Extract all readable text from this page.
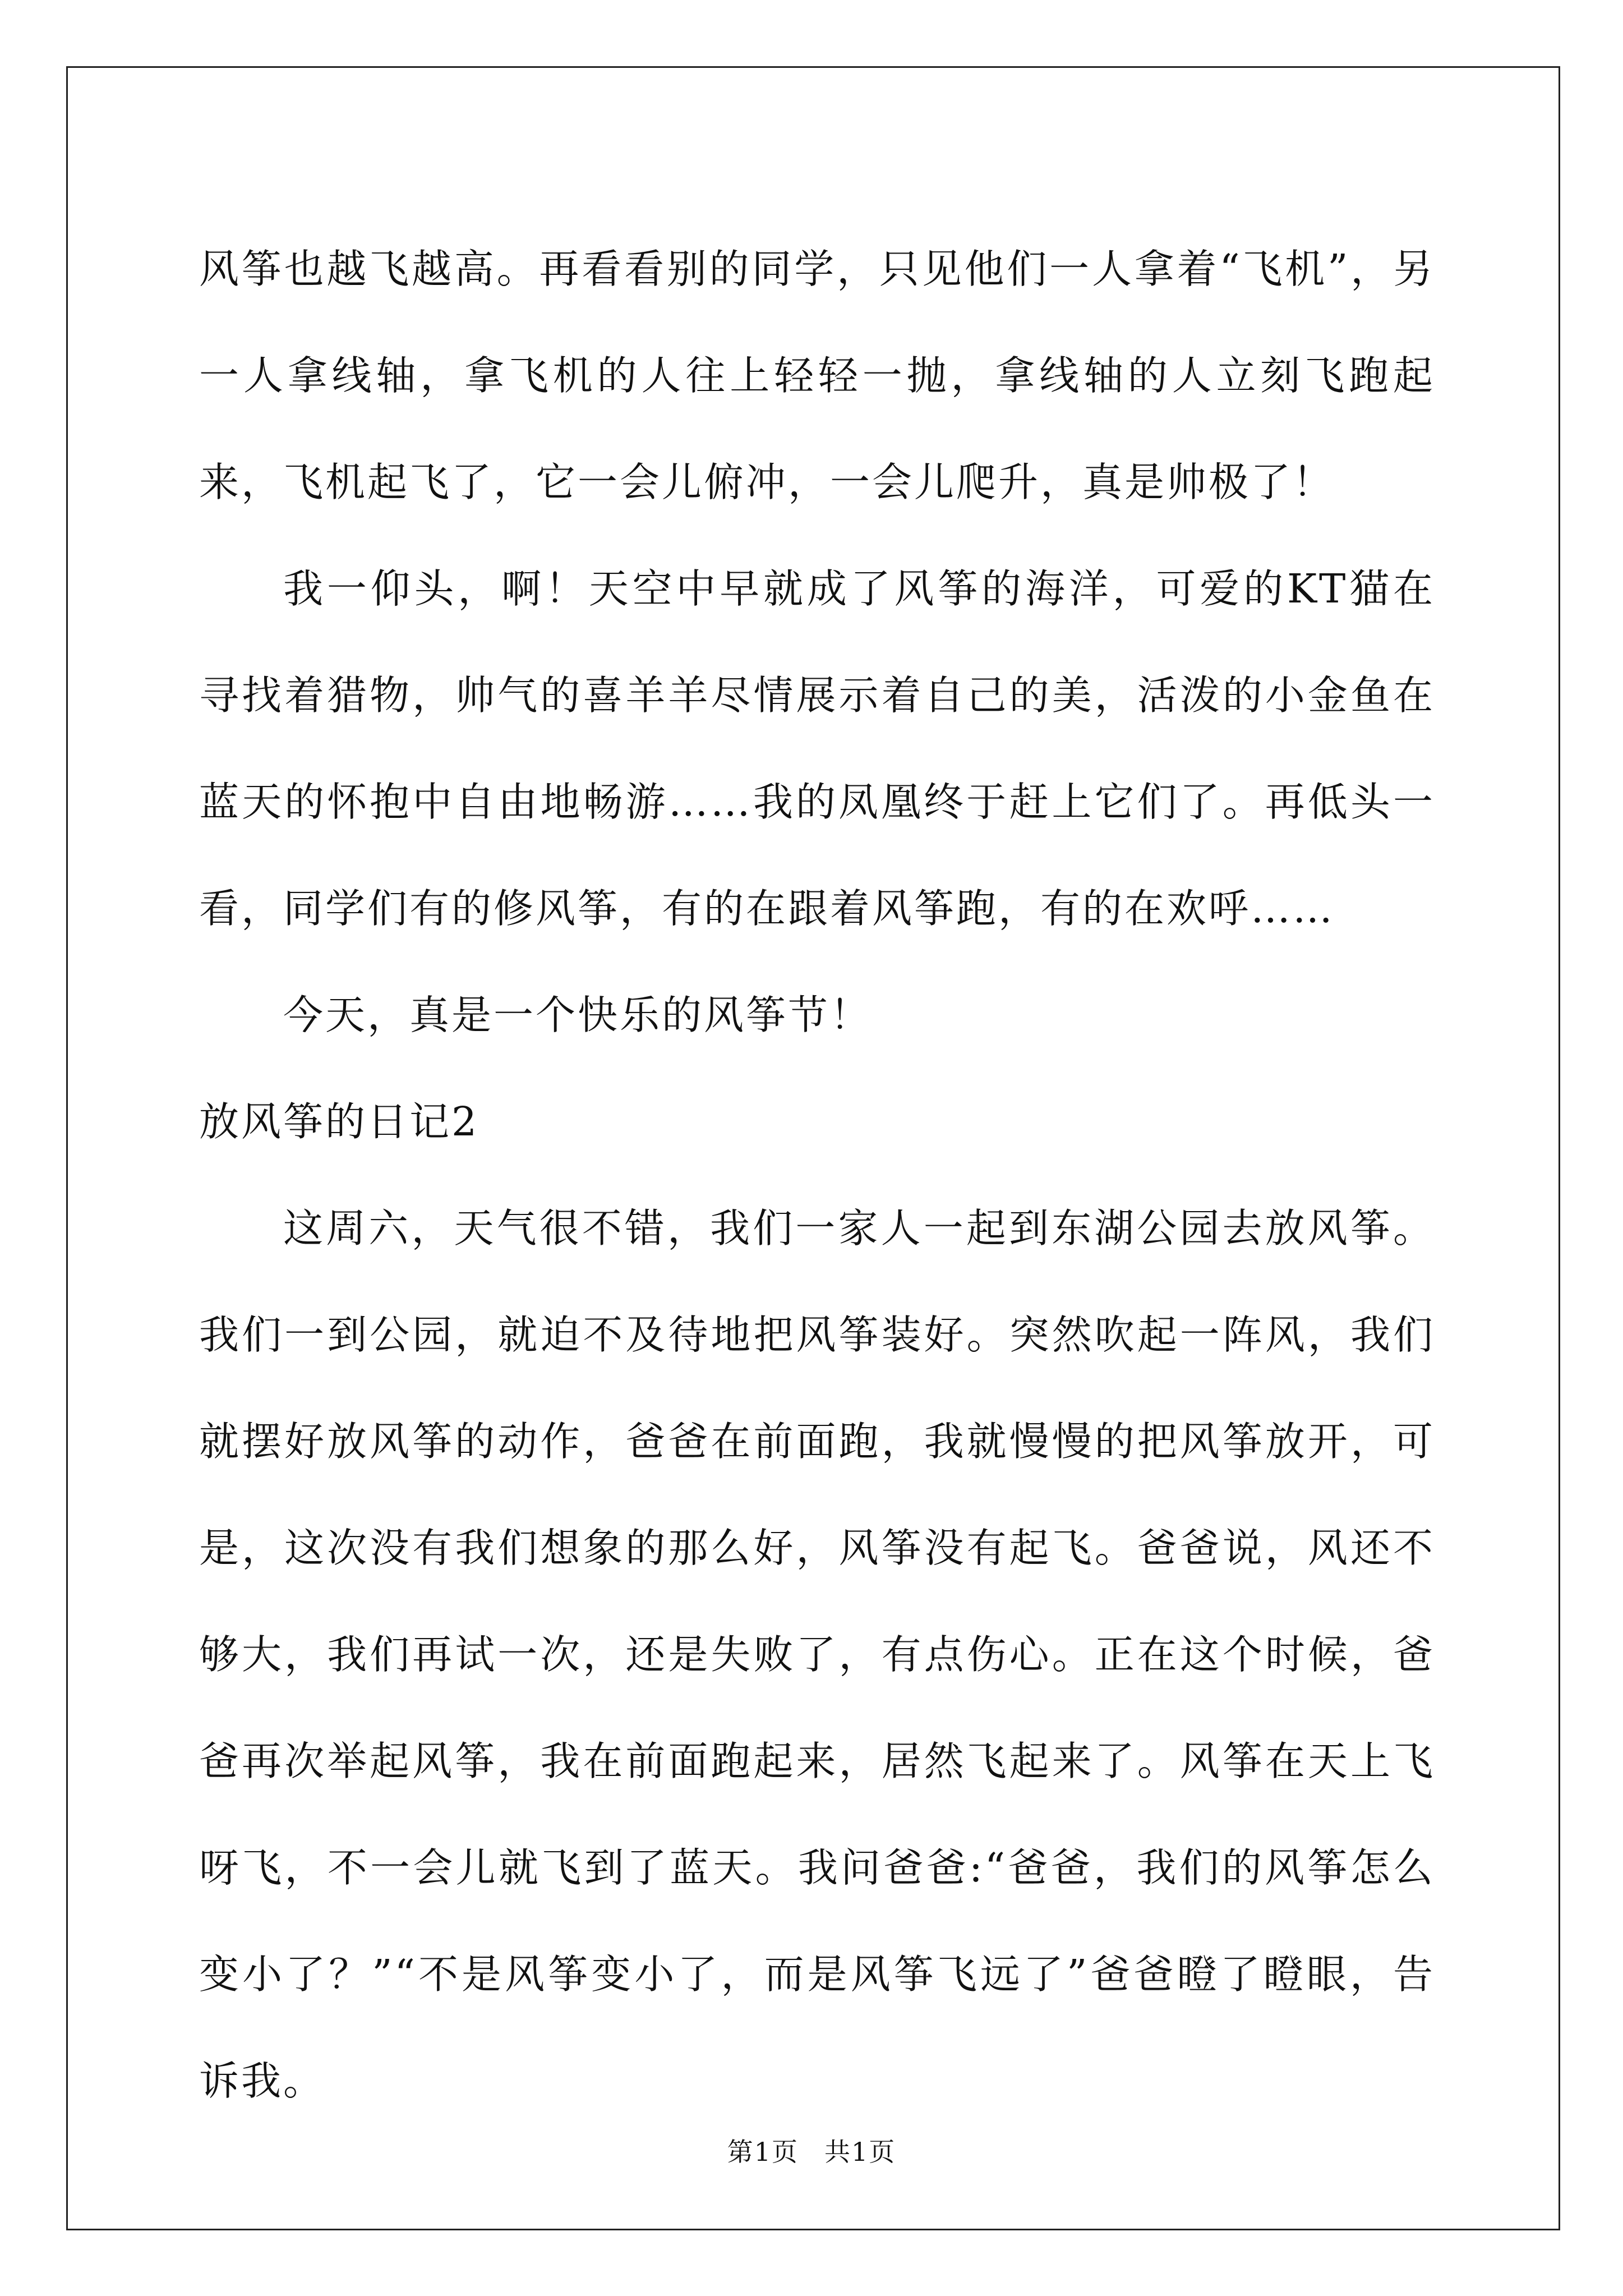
风筝也越飞越高。再看看别的同学，只见他们一人拿着“飞机”，另一人拿线轴，拿飞机的人往上轻轻一抛，拿线轴的人立刻飞跑起来，飞机起飞了，它一会儿俯冲，一会儿爬升，真是帅极了！

我一仰头，啊！天空中早就成了风筝的海洋，可爱的KT猫在寻找着猎物，帅气的喜羊羊尽情展示着自己的美，活泼的小金鱼在蓝天的怀抱中自由地畅游……我的凤凰终于赶上它们了。再低头一看，同学们有的修风筝，有的在跟着风筝跑，有的在欢呼……

今天，真是一个快乐的风筝节！

放风筝的日记2

这周六，天气很不错，我们一家人一起到东湖公园去放风筝。我们一到公园，就迫不及待地把风筝装好。突然吹起一阵风，我们就摆好放风筝的动作，爸爸在前面跑，我就慢慢的把风筝放开，可是，这次没有我们想象的那么好，风筝没有起飞。爸爸说，风还不够大，我们再试一次，还是失败了，有点伤心。正在这个时候，爸爸再次举起风筝，我在前面跑起来，居然飞起来了。风筝在天上飞呀飞，不一会儿就飞到了蓝天。我问爸爸:“爸爸，我们的风筝怎么变小了？”“不是风筝变小了，而是风筝飞远了”爸爸瞪了瞪眼，告诉我。

第1页 共1页
